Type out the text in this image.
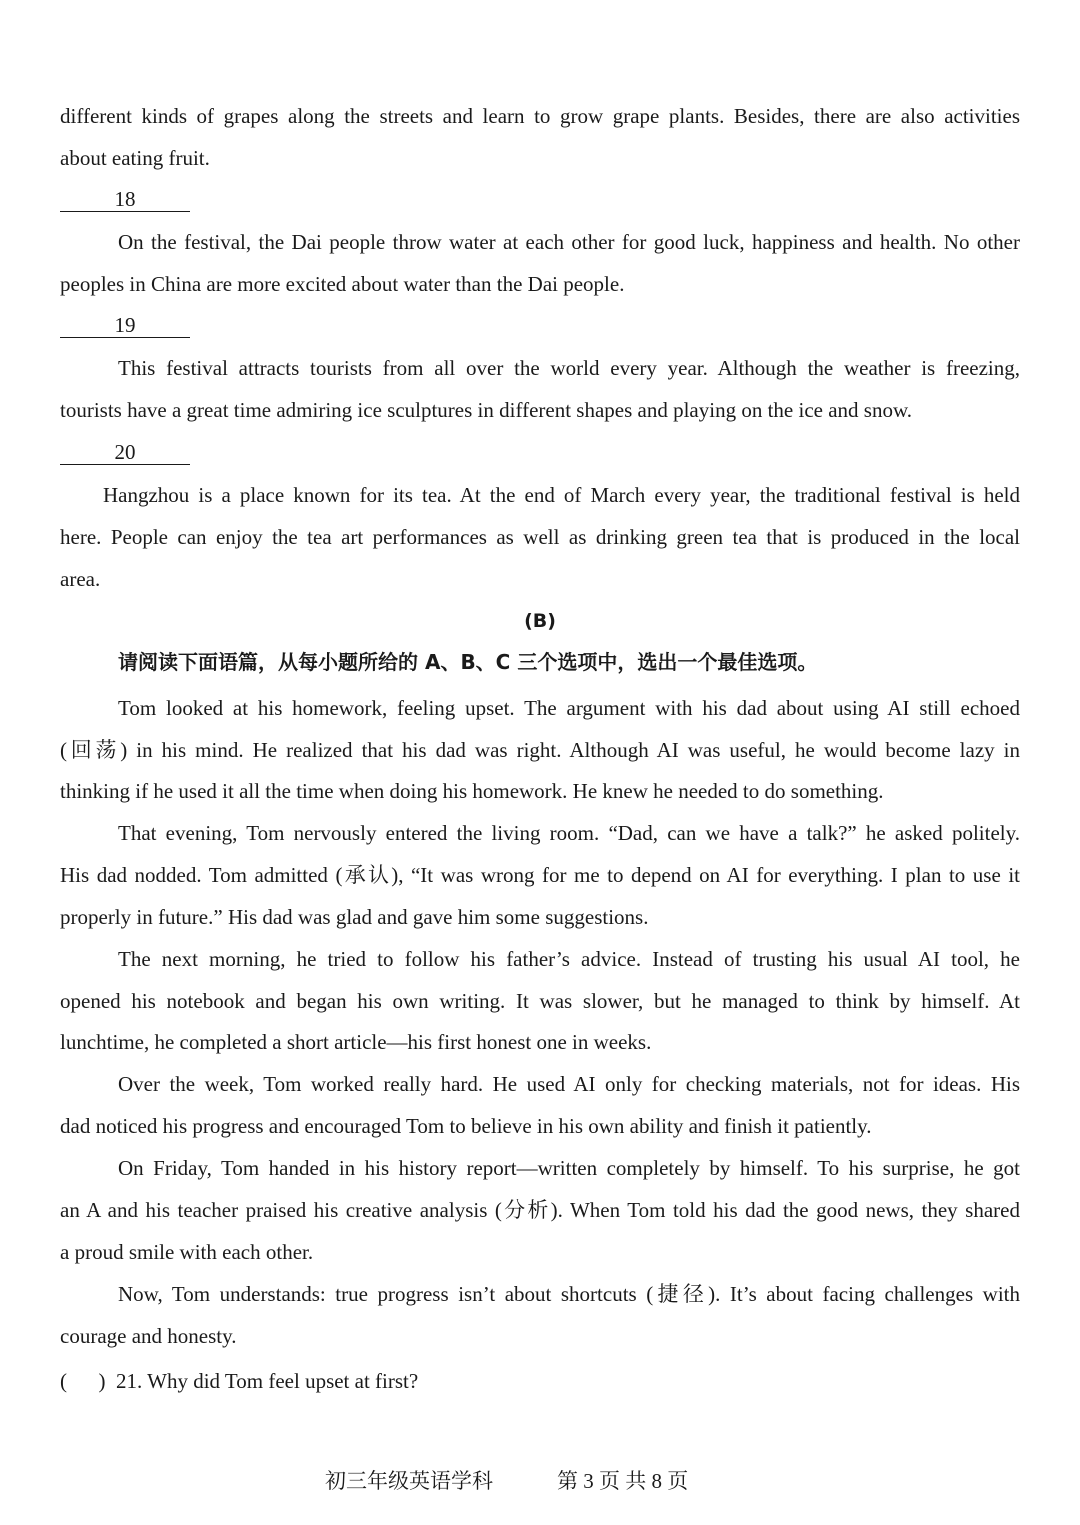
different kinds of grapes along the streets and learn to grow grape plants. Besides, there are also activities
about eating fruit.
18
On the festival, the Dai people throw water at each other for good luck, happiness and health. No other
peoples in China are more excited about water than the Dai people.
19
This festival attracts tourists from all over the world every year. Although the weather is freezing,
tourists have a great time admiring ice sculptures in different shapes and playing on the ice and snow.
20
Hangzhou is a place known for its tea. At the end of March every year, the traditional festival is held
here. People can enjoy the tea art performances as well as drinking green tea that is produced in the local
area.
(B)
请阅读下面语篇，从每小题所给的 A、B、C 三个选项中，选出一个最佳选项。
Tom looked at his homework, feeling upset. The argument with his dad about using AI still echoed
(回荡) in his mind. He realized that his dad was right. Although AI was useful, he would become lazy in
thinking if he used it all the time when doing his homework. He knew he needed to do something.
That evening, Tom nervously entered the living room. “Dad, can we have a talk?” he asked politely.
His dad nodded. Tom admitted (承认), “It was wrong for me to depend on AI for everything. I plan to use it
properly in future.” His dad was glad and gave him some suggestions.
The next morning, he tried to follow his father’s advice. Instead of trusting his usual AI tool, he
opened his notebook and began his own writing. It was slower, but he managed to think by himself. At
lunchtime, he completed a short article—his first honest one in weeks.
Over the week, Tom worked really hard. He used AI only for checking materials, not for ideas. His
dad noticed his progress and encouraged Tom to believe in his own ability and finish it patiently.
On Friday, Tom handed in his history report—written completely by himself. To his surprise, he got
an A and his teacher praised his creative analysis (分析). When Tom told his dad the good news, they shared
a proud smile with each other.
Now, Tom understands: true progress isn’t about shortcuts (捷径). It’s about facing challenges with
courage and honesty.
(      ) 21. Why did Tom feel upset at first?
初三年级英语学科	第 3 页 共 8 页
